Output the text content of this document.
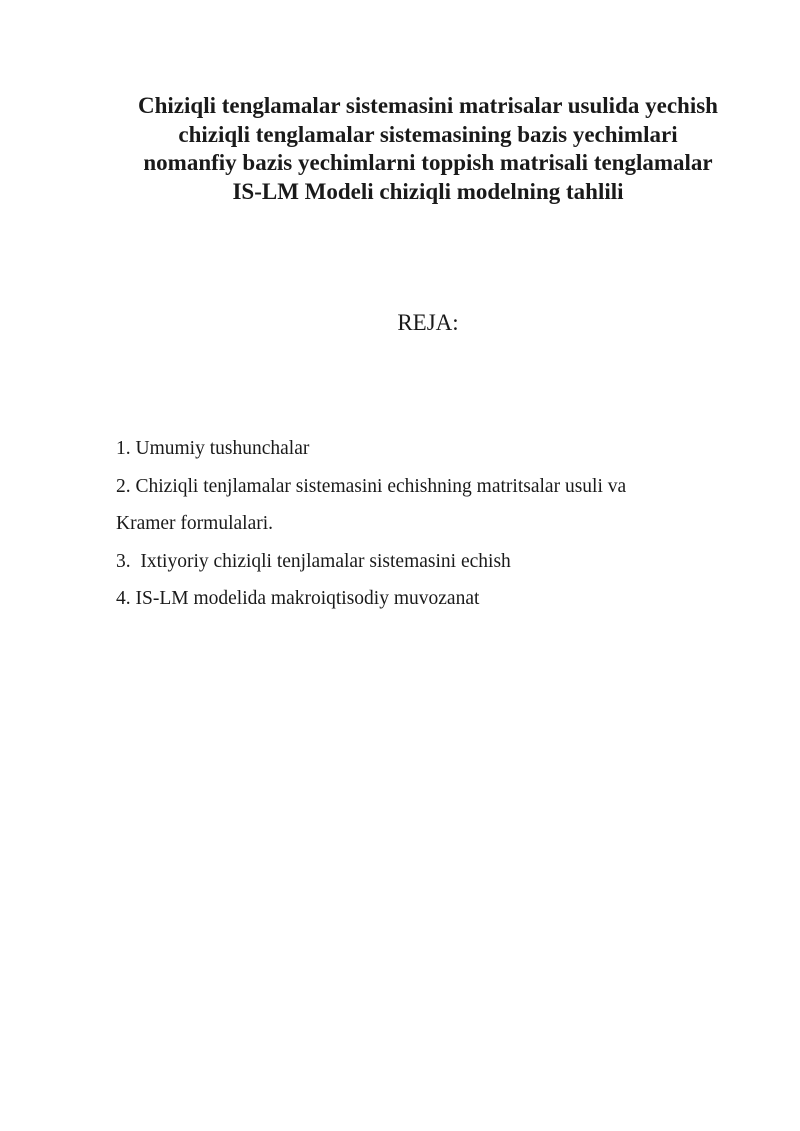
Chiziqli tenglamalar sistemasini matrisalar usulida yechish
chiziqli tenglamalar sistemasining bazis yechimlari
nomanfiy bazis yechimlarni toppish matrisali tenglamalar
IS-LM Modeli chiziqli modelning tahlili
REJA:
1. Umumiy tushunchalar
2. Chiziqli tenjlamalar sistemasini echishning matritsalar usuli va
Kramer formulalari.
3.  Ixtiyoriy chiziqli tenjlamalar sistemasini echish
4. IS-LM modelida makroiqtisodiy muvozanat
